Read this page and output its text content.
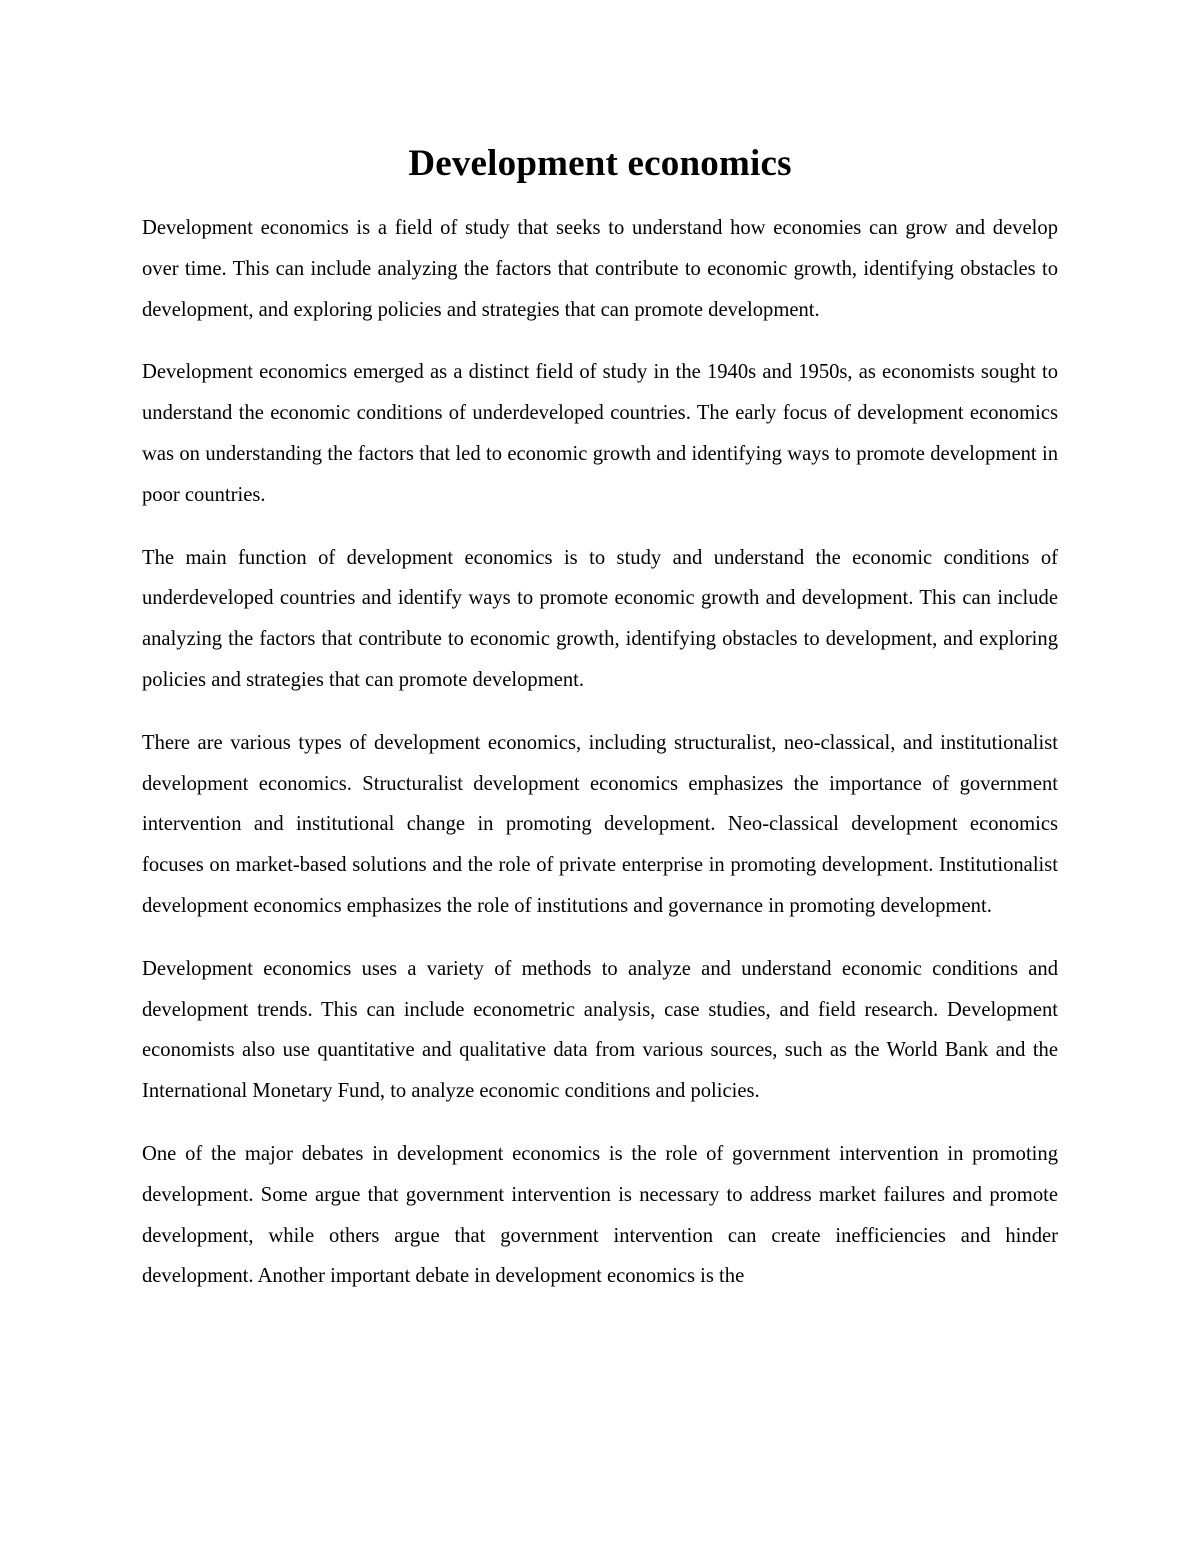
Development economics

Development economics is a field of study that seeks to understand how economies can grow and develop over time. This can include analyzing the factors that contribute to economic growth, identifying obstacles to development, and exploring policies and strategies that can promote development.

Development economics emerged as a distinct field of study in the 1940s and 1950s, as economists sought to understand the economic conditions of underdeveloped countries. The early focus of development economics was on understanding the factors that led to economic growth and identifying ways to promote development in poor countries.

The main function of development economics is to study and understand the economic conditions of underdeveloped countries and identify ways to promote economic growth and development. This can include analyzing the factors that contribute to economic growth, identifying obstacles to development, and exploring policies and strategies that can promote development.

There are various types of development economics, including structuralist, neo-classical, and institutionalist development economics. Structuralist development economics emphasizes the importance of government intervention and institutional change in promoting development. Neo-classical development economics focuses on market-based solutions and the role of private enterprise in promoting development. Institutionalist development economics emphasizes the role of institutions and governance in promoting development.

Development economics uses a variety of methods to analyze and understand economic conditions and development trends. This can include econometric analysis, case studies, and field research. Development economists also use quantitative and qualitative data from various sources, such as the World Bank and the International Monetary Fund, to analyze economic conditions and policies.

One of the major debates in development economics is the role of government intervention in promoting development. Some argue that government intervention is necessary to address market failures and promote development, while others argue that government intervention can create inefficiencies and hinder development. Another important debate in development economics is the
